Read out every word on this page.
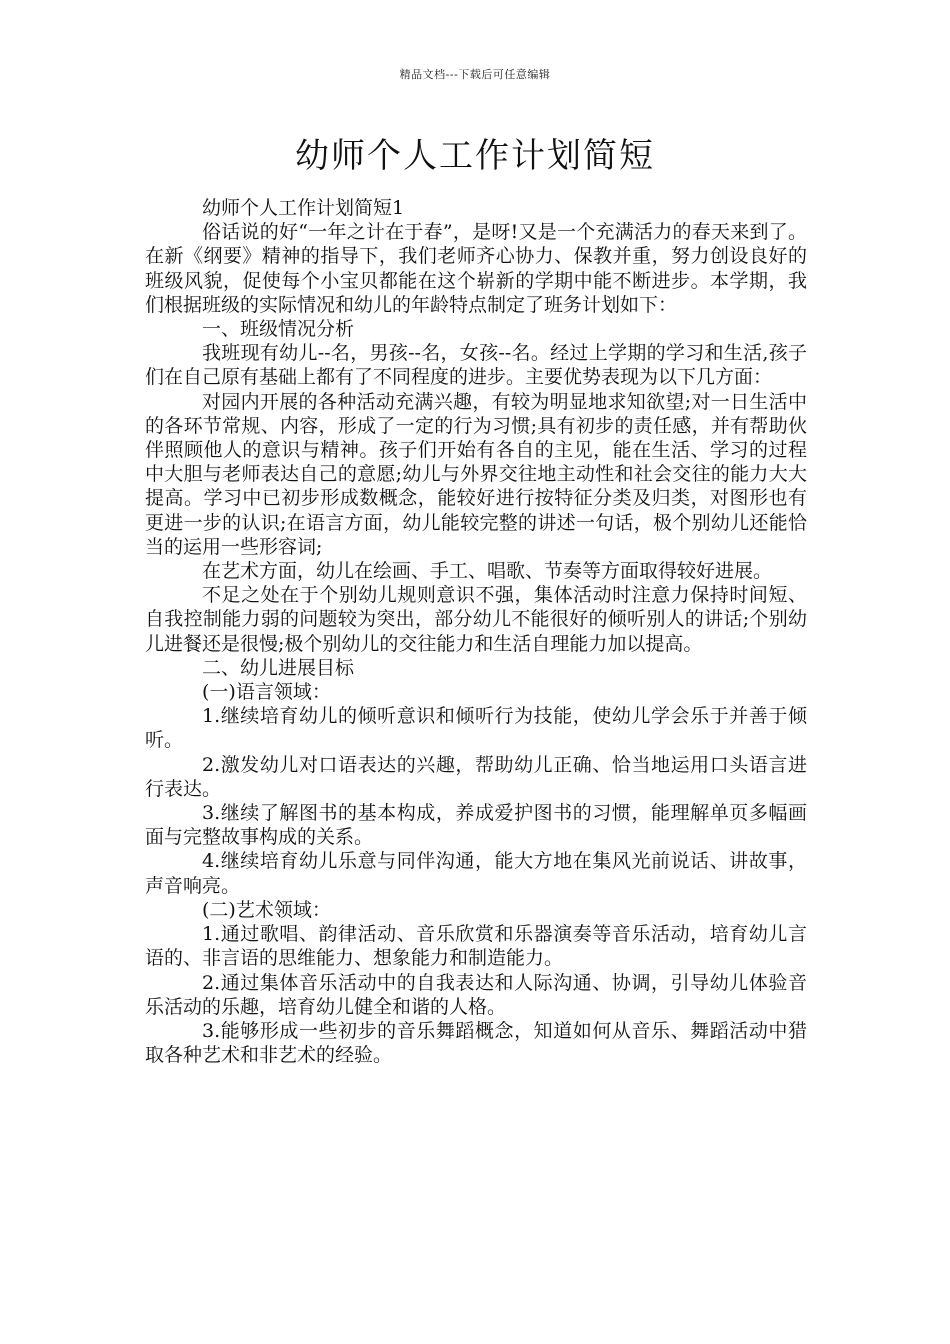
精品文档---下载后可任意编辑
幼师个人工作计划简短

幼师个人工作计划简短1

俗话说的好“一年之计在于春”，是呀!又是一个充满活力的春天来到了。在新《纲要》精神的指导下，我们老师齐心协力、保教并重，努力创设良好的班级风貌，促使每个小宝贝都能在这个崭新的学期中能不断进步。本学期，我们根据班级的实际情况和幼儿的年龄特点制定了班务计划如下：

一、班级情况分析

我班现有幼儿--名，男孩--名，女孩--名。经过上学期的学习和生活,孩子们在自己原有基础上都有了不同程度的进步。主要优势表现为以下几方面：

对园内开展的各种活动充满兴趣，有较为明显地求知欲望;对一日生活中的各环节常规、内容，形成了一定的行为习惯;具有初步的责任感，并有帮助伙伴照顾他人的意识与精神。孩子们开始有各自的主见，能在生活、学习的过程中大胆与老师表达自己的意愿;幼儿与外界交往地主动性和社会交往的能力大大提高。学习中已初步形成数概念，能较好进行按特征分类及归类，对图形也有更进一步的认识;在语言方面，幼儿能较完整的讲述一句话，极个别幼儿还能恰当的运用一些形容词;

在艺术方面，幼儿在绘画、手工、唱歌、节奏等方面取得较好进展。

不足之处在于个别幼儿规则意识不强，集体活动时注意力保持时间短、自我控制能力弱的问题较为突出，部分幼儿不能很好的倾听别人的讲话;个别幼儿进餐还是很慢;极个别幼儿的交往能力和生活自理能力加以提高。

二、幼儿进展目标

(一)语言领域：

1.继续培育幼儿的倾听意识和倾听行为技能，使幼儿学会乐于并善于倾听。

2.激发幼儿对口语表达的兴趣，帮助幼儿正确、恰当地运用口头语言进行表达。

3.继续了解图书的基本构成，养成爱护图书的习惯，能理解单页多幅画面与完整故事构成的关系。

4.继续培育幼儿乐意与同伴沟通，能大方地在集风光前说话、讲故事，声音响亮。

(二)艺术领域：

1.通过歌唱、韵律活动、音乐欣赏和乐器演奏等音乐活动，培育幼儿言语的、非言语的思维能力、想象能力和制造能力。

2.通过集体音乐活动中的自我表达和人际沟通、协调，引导幼儿体验音乐活动的乐趣，培育幼儿健全和谐的人格。

3.能够形成一些初步的音乐舞蹈概念，知道如何从音乐、舞蹈活动中猎取各种艺术和非艺术的经验。
